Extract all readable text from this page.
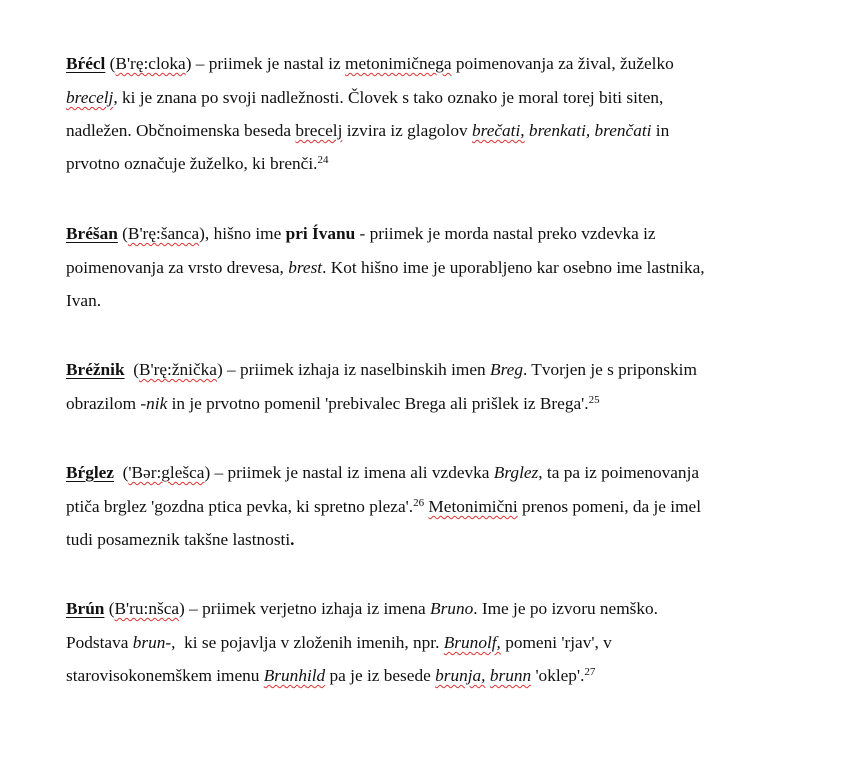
Bŕécl (B'rę:cloka) – priimek je nastal iz metonimičnega poimenovanja za žival, žuželko
brecelj, ki je znana po svoji nadležnosti. Človek s tako oznako je moral torej biti siten,
nadležen. Občnoimenska beseda brecelj izvira iz glagolov brečati, brenkati, brenčati in
prvotno označuje žuželko, ki brenči.$^{24}$
Bréšan (B'rę:šanca), hišno ime pri Ívanu - priimek je morda nastal preko vzdevka iz
poimenovanja za vrsto drevesa, brest. Kot hišno ime je uporabljeno kar osebno ime lastnika,
Ivan.
Bréžnik  (B'rę:žnička) – priimek izhaja iz naselbinskih imen Breg. Tvorjen je s priponskim
obrazilom -nik in je prvotno pomenil 'prebivalec Brega ali prišlek iz Brega'.$^{25}$
Bŕglez  ('Bər:glešca) – priimek je nastal iz imena ali vzdevka Brglez, ta pa iz poimenovanja
ptiča brglez 'gozdna ptica pevka, ki spretno pleza'.$^{26}$ Metonimični prenos pomeni, da je imel
tudi posameznik takšne lastnosti.
Brún (B'ru:nšca) – priimek verjetno izhaja iz imena Bruno. Ime je po izvoru nemško.
Podstava brun-,  ki se pojavlja v zloženih imenih, npr. Brunolf, pomeni 'rjav', v
starovisokonemškem imenu Brunhild pa je iz besede brunja, brunn 'oklep'.$^{27}$
